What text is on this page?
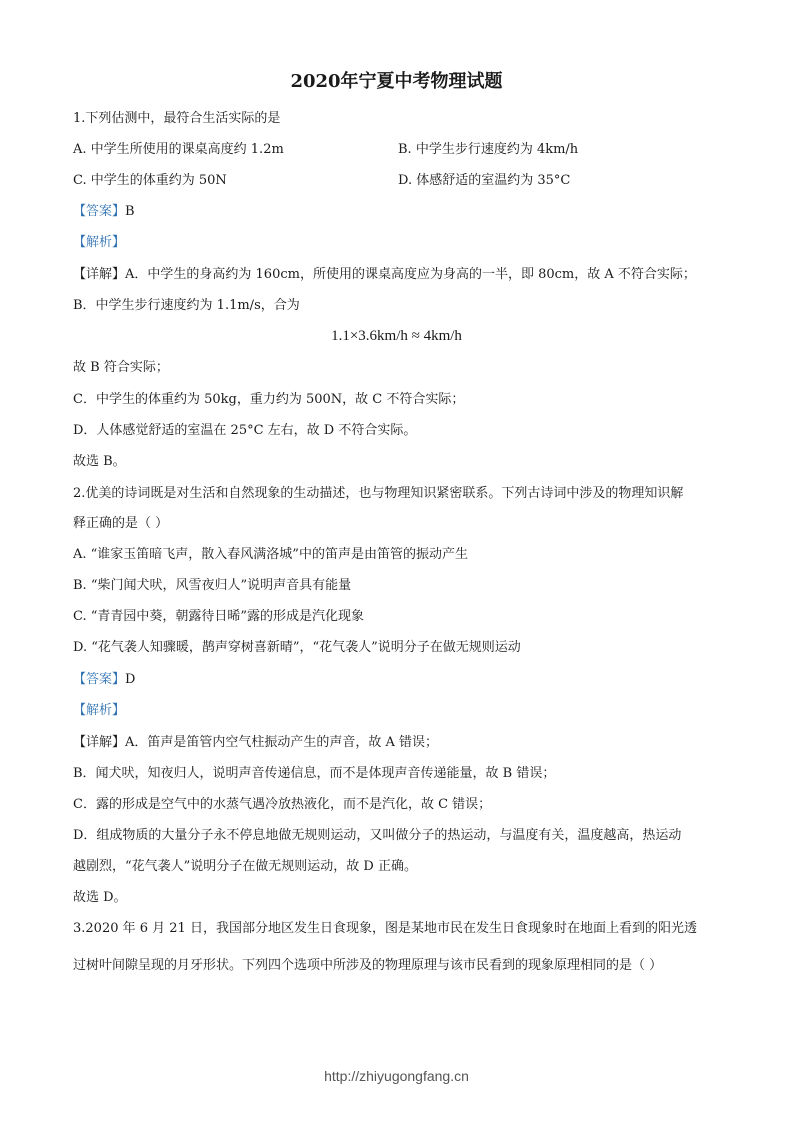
2020年宁夏中考物理试题
1.下列估测中，最符合生活实际的是
A. 中学生所使用的课桌高度约 1.2m	B. 中学生步行速度约为 4km/h
C. 中学生的体重约为 50N	D. 体感舒适的室温约为 35°C
【答案】B
【解析】
【详解】A．中学生的身高约为 160cm，所使用的课桌高度应为身高的一半，即 80cm，故 A 不符合实际；
B．中学生步行速度约为 1.1m/s，合为
1.1×3.6km/h ≈ 4km/h
故 B 符合实际；
C．中学生的体重约为 50kg，重力约为 500N，故 C 不符合实际；
D．人体感觉舒适的室温在 25°C 左右，故 D 不符合实际。
故选 B。
2.优美的诗词既是对生活和自然现象的生动描述，也与物理知识紧密联系。下列古诗词中涉及的物理知识解
释正确的是（ ）
A. “谁家玉笛暗飞声，散入春风满洛城”中的笛声是由笛管的振动产生
B. “柴门闻犬吠，风雪夜归人”说明声音具有能量
C. “青青园中葵，朝露待日晞”露的形成是汽化现象
D. “花气袭人知骤暖，鹊声穿树喜新晴”，“花气袭人”说明分子在做无规则运动
【答案】D
【解析】
【详解】A．笛声是笛管内空气柱振动产生的声音，故 A 错误；
B．闻犬吠，知夜归人，说明声音传递信息，而不是体现声音传递能量，故 B 错误；
C．露的形成是空气中的水蒸气遇冷放热液化，而不是汽化，故 C 错误；
D．组成物质的大量分子永不停息地做无规则运动，又叫做分子的热运动，与温度有关，温度越高，热运动
越剧烈，“花气袭人”说明分子在做无规则运动，故 D 正确。
故选 D。
3.2020 年 6 月 21 日，我国部分地区发生日食现象，图是某地市民在发生日食现象时在地面上看到的阳光透
过树叶间隙呈现的月牙形状。下列四个选项中所涉及的物理原理与该市民看到的现象原理相同的是（ ）
http://zhiyugongfang.cn
